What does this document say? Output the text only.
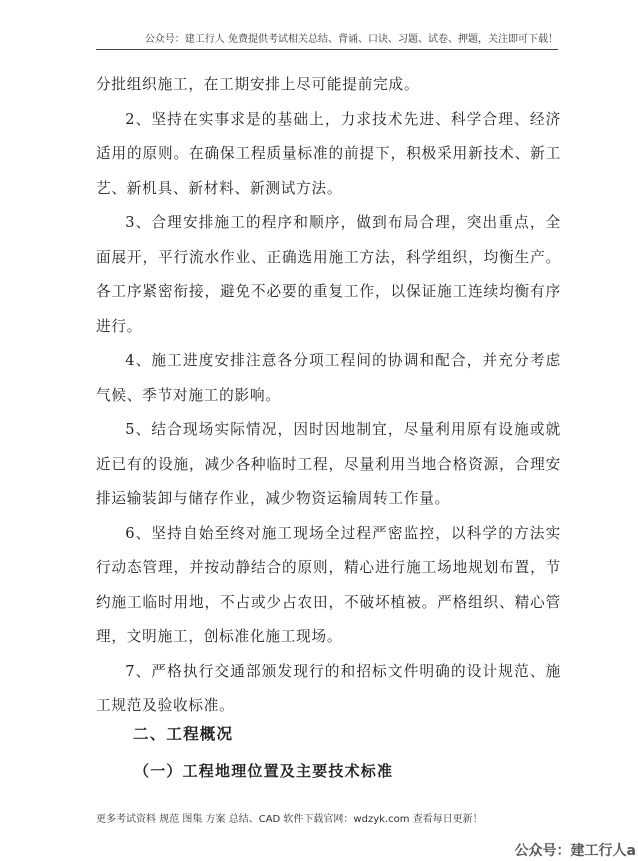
公众号：建工行人 免费提供考试相关总结、背诵、口诀、习题、试卷、押题，关注即可下载！

分批组织施工，在工期安排上尽可能提前完成。

2、坚持在实事求是的基础上，力求技术先进、科学合理、经济适用的原则。在确保工程质量标准的前提下，积极采用新技术、新工艺、新机具、新材料、新测试方法。

3、合理安排施工的程序和顺序，做到布局合理，突出重点，全面展开，平行流水作业、正确选用施工方法，科学组织，均衡生产。各工序紧密衔接，避免不必要的重复工作，以保证施工连续均衡有序进行。

4、施工进度安排注意各分项工程间的协调和配合，并充分考虑气候、季节对施工的影响。

5、结合现场实际情况，因时因地制宜，尽量利用原有设施或就近已有的设施，减少各种临时工程，尽量利用当地合格资源，合理安排运输装卸与储存作业，减少物资运输周转工作量。

6、坚持自始至终对施工现场全过程严密监控，以科学的方法实行动态管理，并按动静结合的原则，精心进行施工场地规划布置，节约施工临时用地，不占或少占农田，不破坏植被。严格组织、精心管理，文明施工，创标准化施工现场。

7、严格执行交通部颁发现行的和招标文件明确的设计规范、施工规范及验收标准。

二、工程概况
（一）工程地理位置及主要技术标准
更多考试资料 规范 图集 方案 总结、CAD 软件下载官网：wdzyk.com 查看每日更新！
公众号：建工行人a
